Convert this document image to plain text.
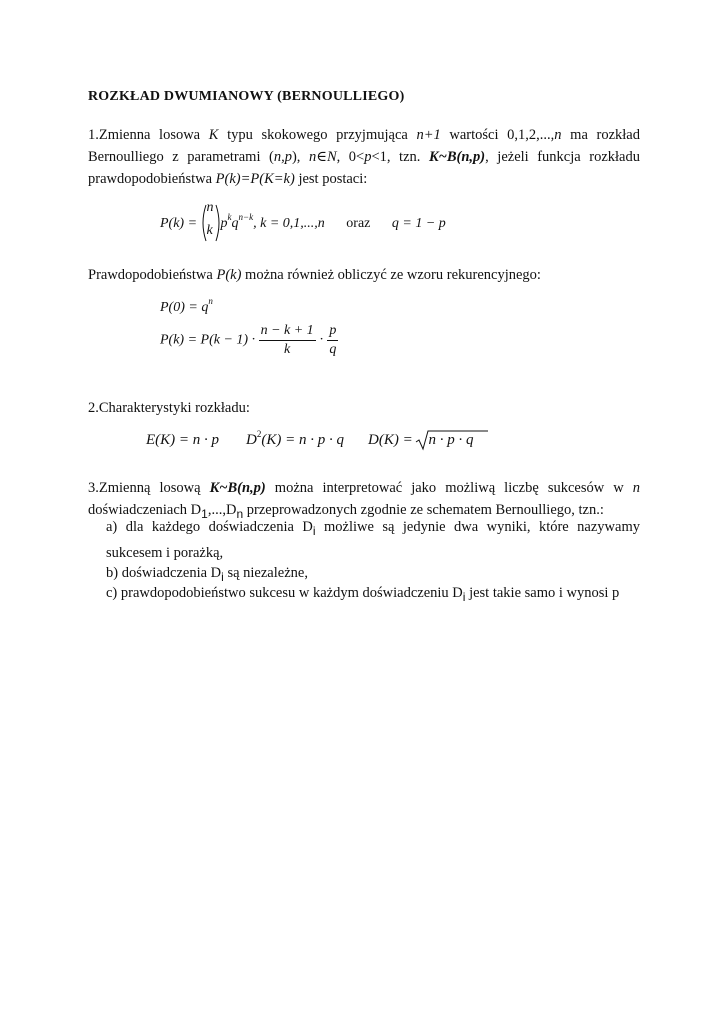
ROZKŁAD DWUMIANOWY (BERNOULLIEGO)
1.Zmienna losowa K typu skokowego przyjmująca n+1 wartości 0,1,2,...,n ma rozkład
Bernoulliego z parametrami (n,p), n∈N, 0<p<1, tzn. K~B(n,p), jeżeli funkcja rozkładu
prawdopodobieństwa P(k)=P(K=k) jest postaci:
P(k) =
n
k $p^kq^{n-k}$, k = 0,1,...,n oraz q = 1 − p
Prawdopodobieństwa P(k) można również obliczyć ze wzoru rekurencyjnego:
$P(0) = q^n$
$P(k) = P(k - 1) \cdot \frac{n - k + 1}{k} \cdot \frac{p}{q}$
2.Charakterystyki rozkładu:
E(K) = n · p $D^2(K) = n \cdot p \cdot q$ D(K) = n · p · q
3.Zmienną losową K~B(n,p) można interpretować jako możliwą liczbę sukcesów w n
doświadczeniach $D_1,...,D_n$ przeprowadzonych zgodnie ze schematem Bernoulliego, tzn.:
a) dla każdego doświadczenia $D_i$ możliwe są jedynie dwa wyniki, które nazywamy
sukcesem i porażką,
b) doświadczenia $D_i$ są niezależne,
c) prawdopodobieństwo sukcesu w każdym doświadczeniu $D_i$ jest takie samo i wynosi p
